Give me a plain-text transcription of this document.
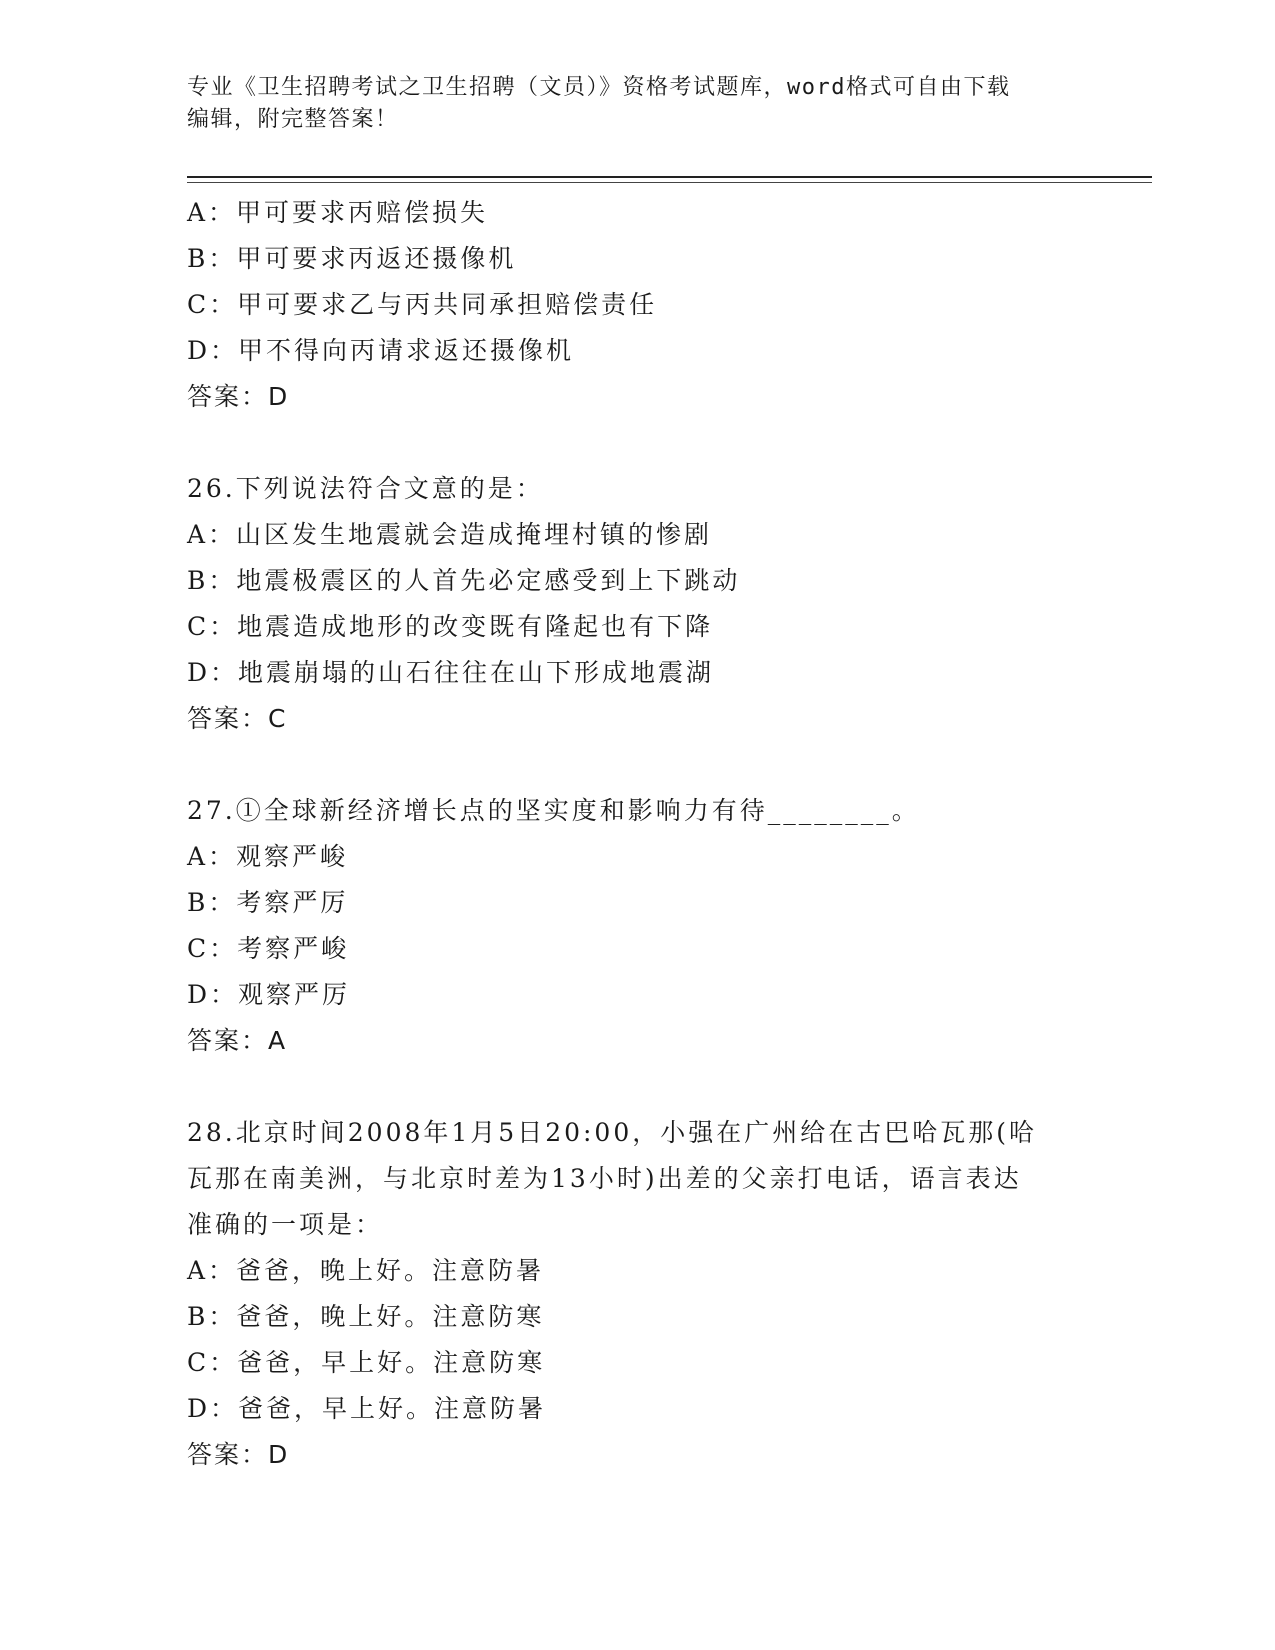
专业《卫生招聘考试之卫生招聘（文员）》资格考试题库，word格式可自由下载
编辑，附完整答案！
A：甲可要求丙赔偿损失
B：甲可要求丙返还摄像机
C：甲可要求乙与丙共同承担赔偿责任
D：甲不得向丙请求返还摄像机
答案：D
26.下列说法符合文意的是：
A：山区发生地震就会造成掩埋村镇的惨剧
B：地震极震区的人首先必定感受到上下跳动
C：地震造成地形的改变既有隆起也有下降
D：地震崩塌的山石往往在山下形成地震湖
答案：C
27.①全球新经济增长点的坚实度和影响力有待________。
A：观察严峻
B：考察严厉
C：考察严峻
D：观察严厉
答案：A
28.北京时间2008年1月5日20:00，小强在广州给在古巴哈瓦那(哈
瓦那在南美洲，与北京时差为13小时)出差的父亲打电话，语言表达
准确的一项是：
A：爸爸，晚上好。注意防暑
B：爸爸，晚上好。注意防寒
C：爸爸，早上好。注意防寒
D：爸爸，早上好。注意防暑
答案：D
